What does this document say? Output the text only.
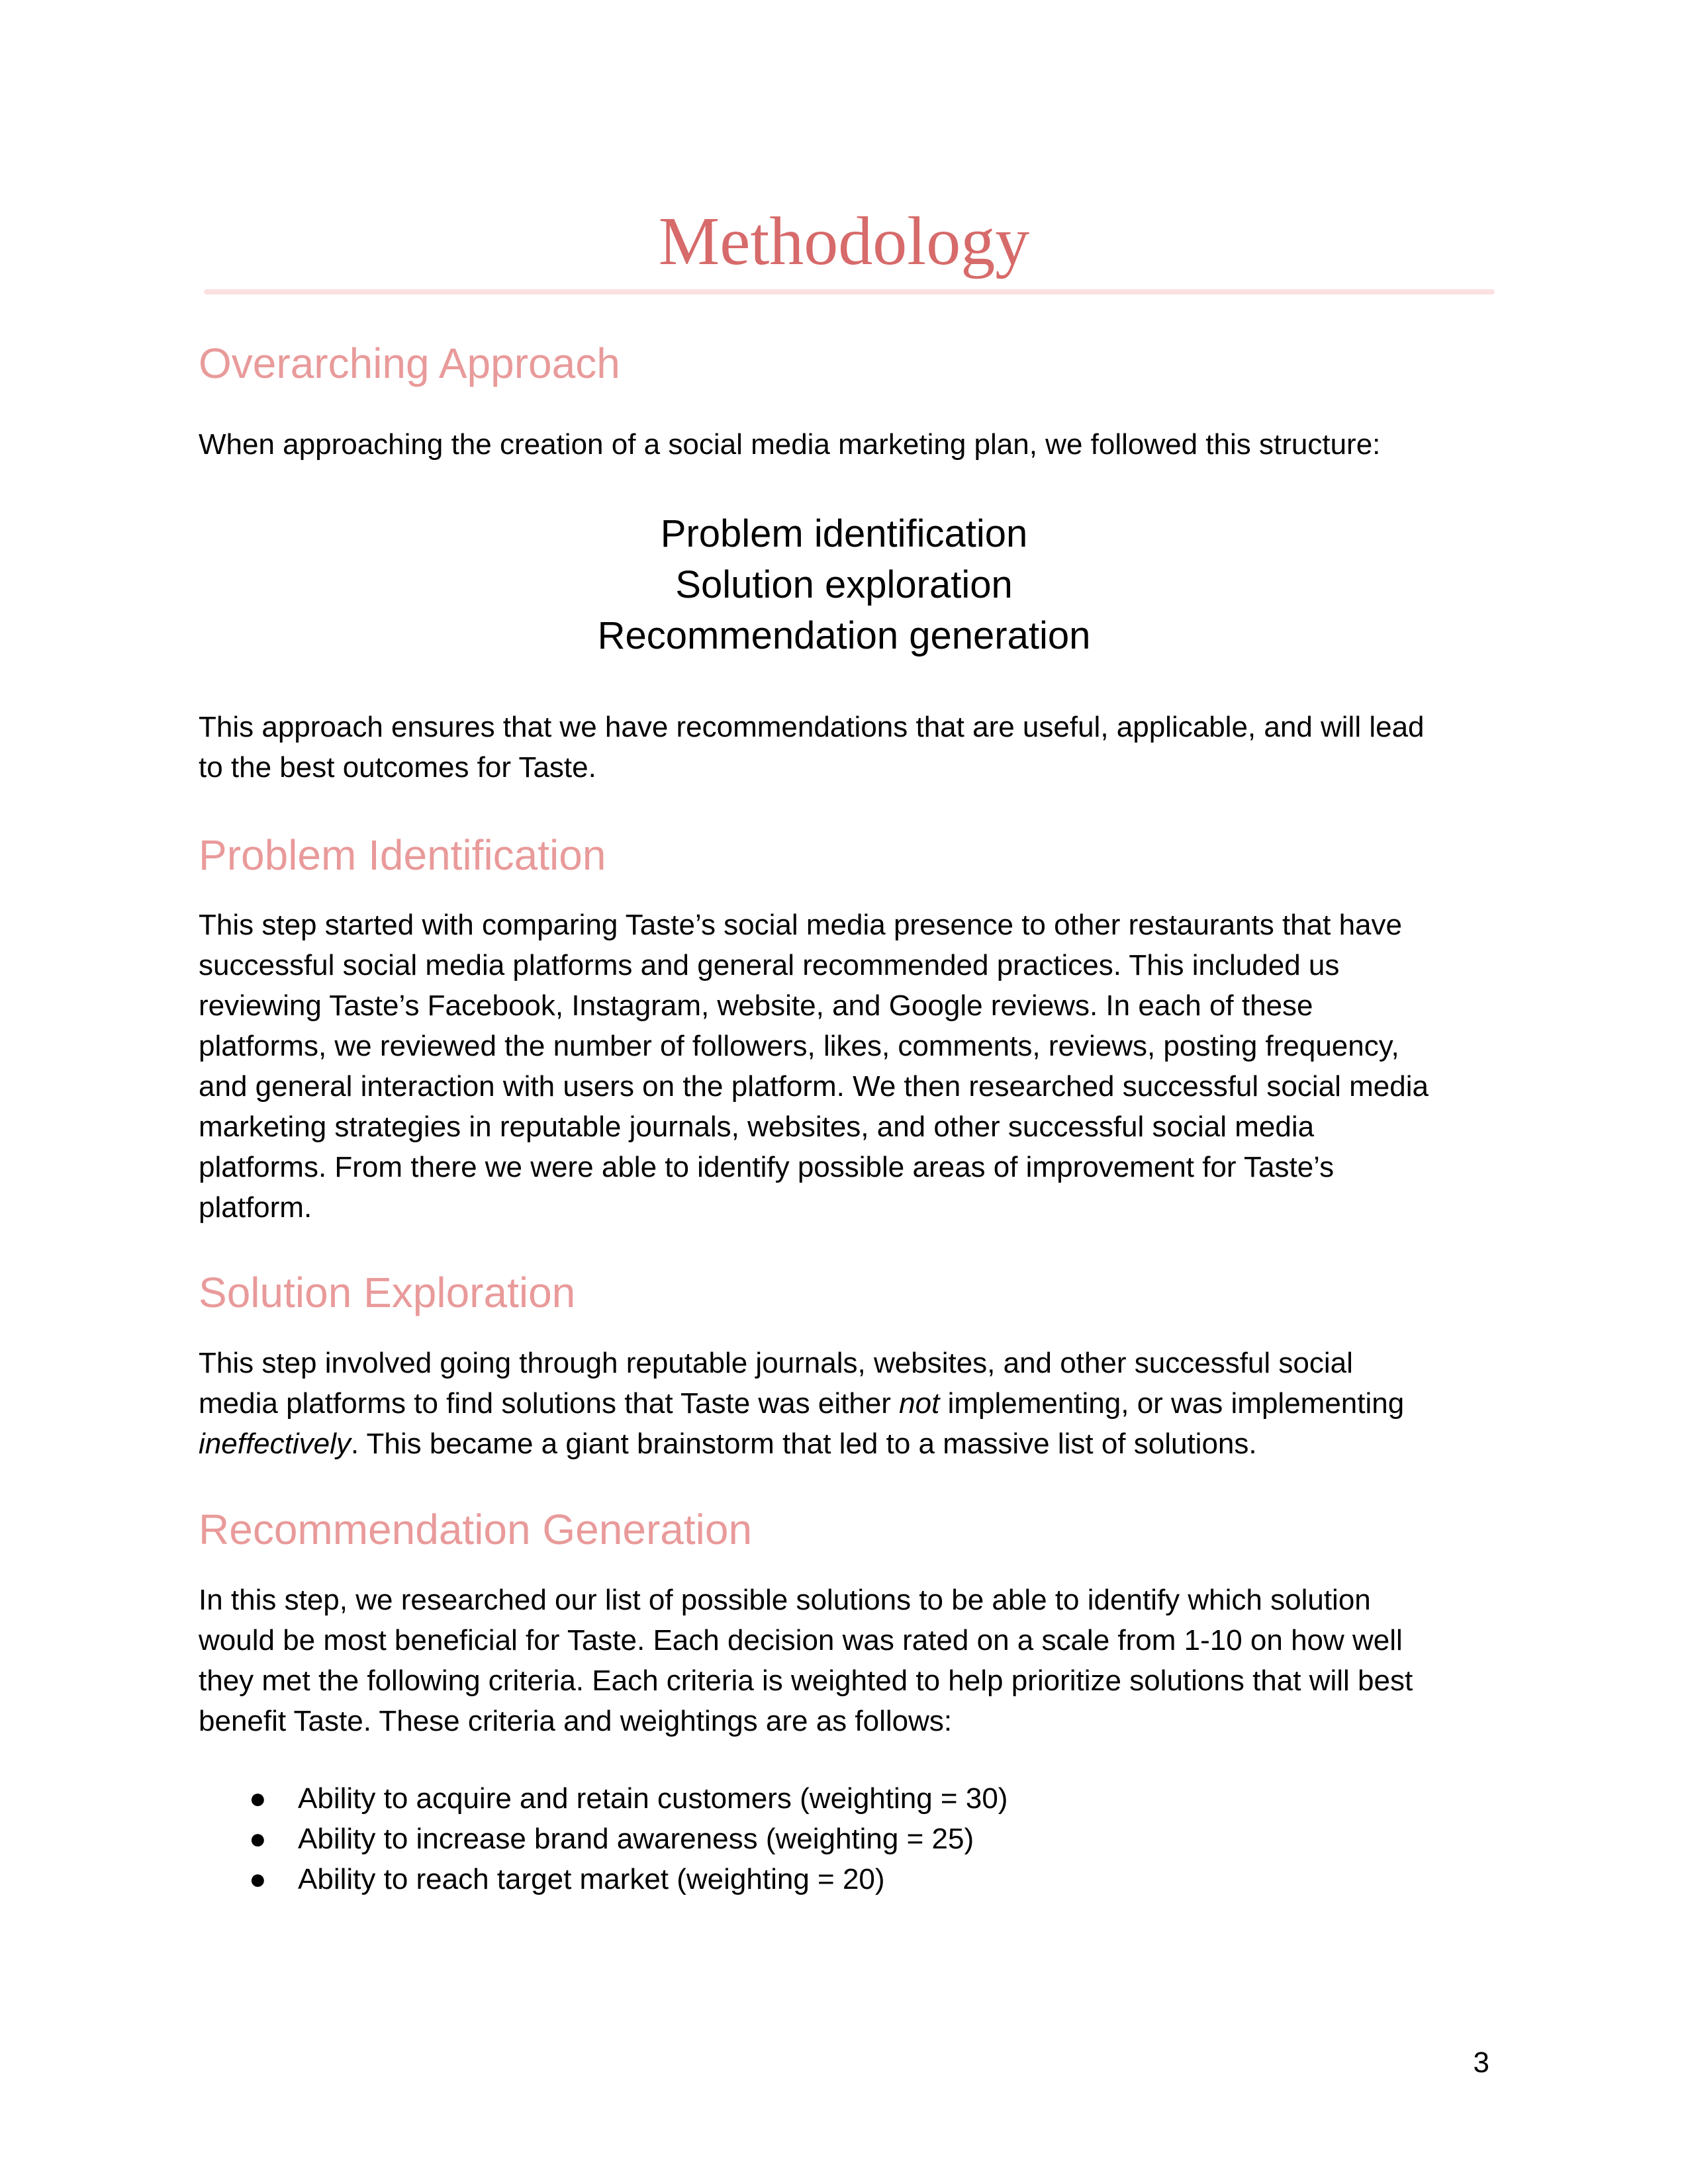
Methodology
Overarching Approach

When approaching the creation of a social media marketing plan, we followed this structure:

Problem identification
Solution exploration
Recommendation generation

This approach ensures that we have recommendations that are useful, applicable, and will lead
to the best outcomes for Taste.

Problem Identification

This step started with comparing Taste’s social media presence to other restaurants that have
successful social media platforms and general recommended practices. This included us
reviewing Taste’s Facebook, Instagram, website, and Google reviews. In each of these
platforms, we reviewed the number of followers, likes, comments, reviews, posting frequency,
and general interaction with users on the platform. We then researched successful social media
marketing strategies in reputable journals, websites, and other successful social media
platforms. From there we were able to identify possible areas of improvement for Taste’s
platform.

Solution Exploration

This step involved going through reputable journals, websites, and other successful social
media platforms to find solutions that Taste was either not implementing, or was implementing
ineffectively. This became a giant brainstorm that led to a massive list of solutions.

Recommendation Generation

In this step, we researched our list of possible solutions to be able to identify which solution
would be most beneficial for Taste. Each decision was rated on a scale from 1-10 on how well
they met the following criteria. Each criteria is weighted to help prioritize solutions that will best
benefit Taste. These criteria and weightings are as follows:

● Ability to acquire and retain customers (weighting = 30)
● Ability to increase brand awareness (weighting = 25)
● Ability to reach target market (weighting = 20)
3
